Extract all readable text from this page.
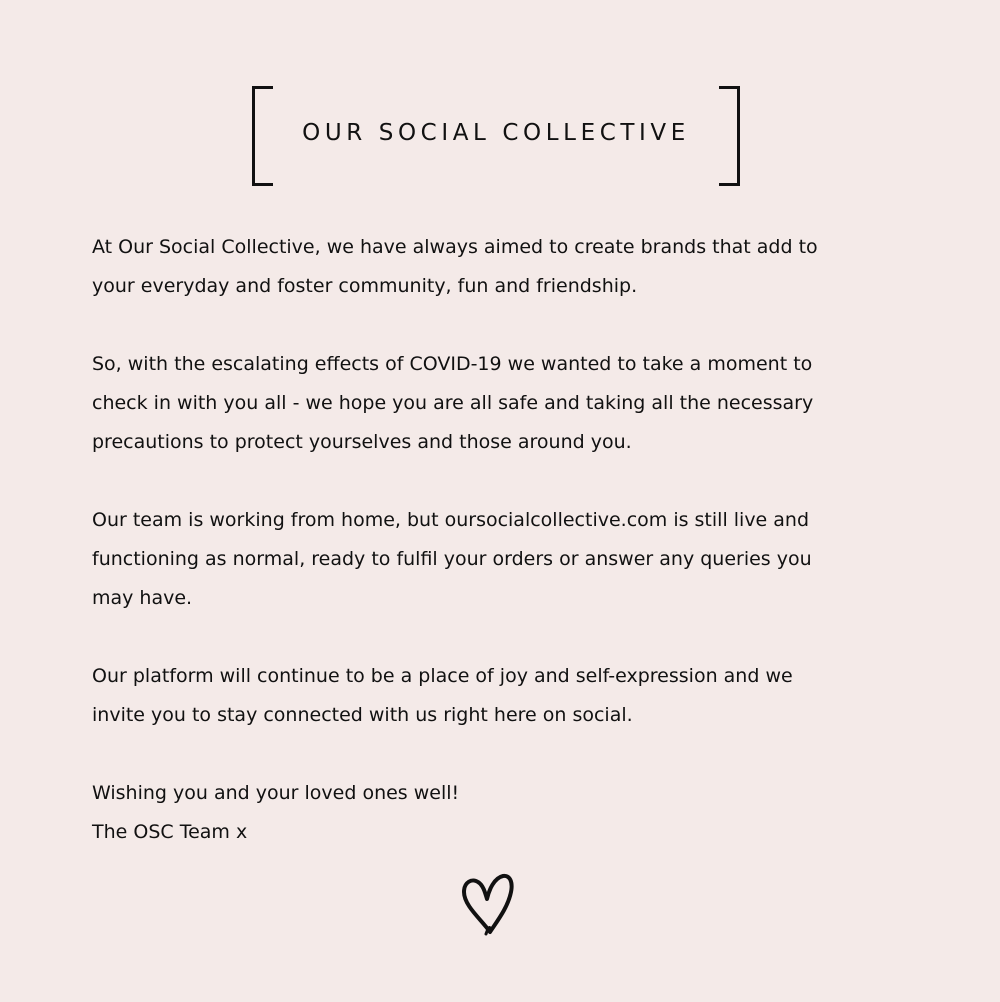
OUR SOCIAL COLLECTIVE

At Our Social Collective, we have always aimed to create brands that add to
your everyday and foster community, fun and friendship.

So, with the escalating effects of COVID-19 we wanted to take a moment to
check in with you all - we hope you are all safe and taking all the necessary
precautions to protect yourselves and those around you.

Our team is working from home, but oursocialcollective.com is still live and
functioning as normal, ready to fulfil your orders or answer any queries you
may have.

Our platform will continue to be a place of joy and self-expression and we
invite you to stay connected with us right here on social.

Wishing you and your loved ones well!
The OSC Team x
